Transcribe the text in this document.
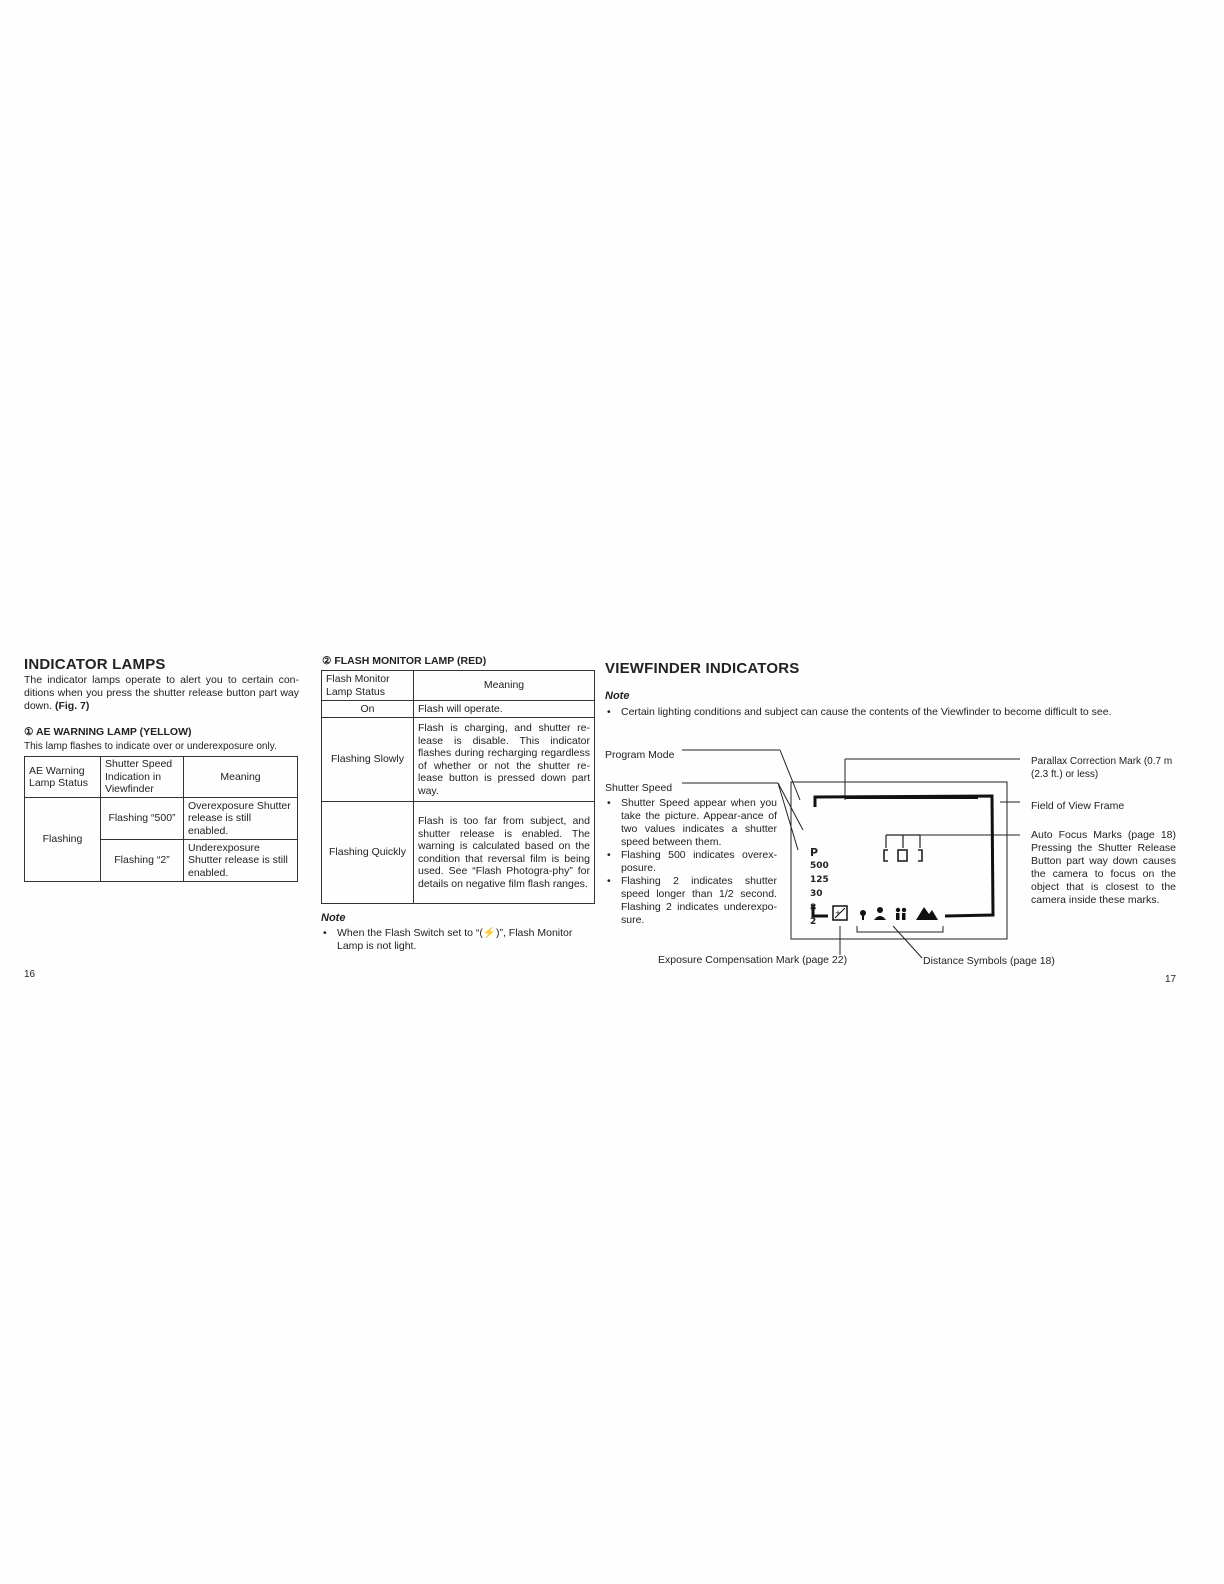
INDICATOR LAMPS
The indicator lamps operate to alert you to certain con-ditions when you press the shutter release button part way down. (Fig. 7)
① AE WARNING LAMP (YELLOW)
This lamp flashes to indicate over or underexposure only.
AE Warning Lamp Status	Shutter Speed Indication in Viewfinder	Meaning
Flashing	Flashing “500”	Overexposure Shutter release is still enabled.
	Flashing “2”	Underexposure Shutter release is still enabled.
16
② FLASH MONITOR LAMP (RED)
Flash Monitor Lamp Status	Meaning
On	Flash will operate.
Flashing Slowly	Flash is charging, and shutter re-lease is disable. This indicator flashes during recharging regardless of whether or not the shutter re-lease button is pressed down part way.
Flashing Quickly	Flash is too far from subject, and shutter release is enabled. The warning is calculated based on the condition that reversal film is being used. See “Flash Photogra-phy” for details on negative film flash ranges.
Note
• When the Flash Switch set to “(⚡)”, Flash Monitor Lamp is not light.
VIEWFINDER INDICATORS
Note
• Certain lighting conditions and subject can cause the contents of the Viewfinder to become difficult to see.
Program Mode
Shutter Speed
• Shutter Speed appear when you take the picture. Appear-ance of two values indicates a shutter speed between them.
• Flashing 500 indicates overex-posure.
• Flashing 2 indicates shutter speed longer than 1/2 second. Flashing 2 indicates underexpo-sure.
Parallax Correction Mark (0.7 m (2.3 ft.) or less)
Field of View Frame
Auto Focus Marks (page 18) Pressing the Shutter Release Button part way down causes the camera to focus on the object that is closest to the camera inside these marks.
Exposure Compensation Mark (page 22)	Distance Symbols (page 18)
+
P
500
125
30
8
2
17
